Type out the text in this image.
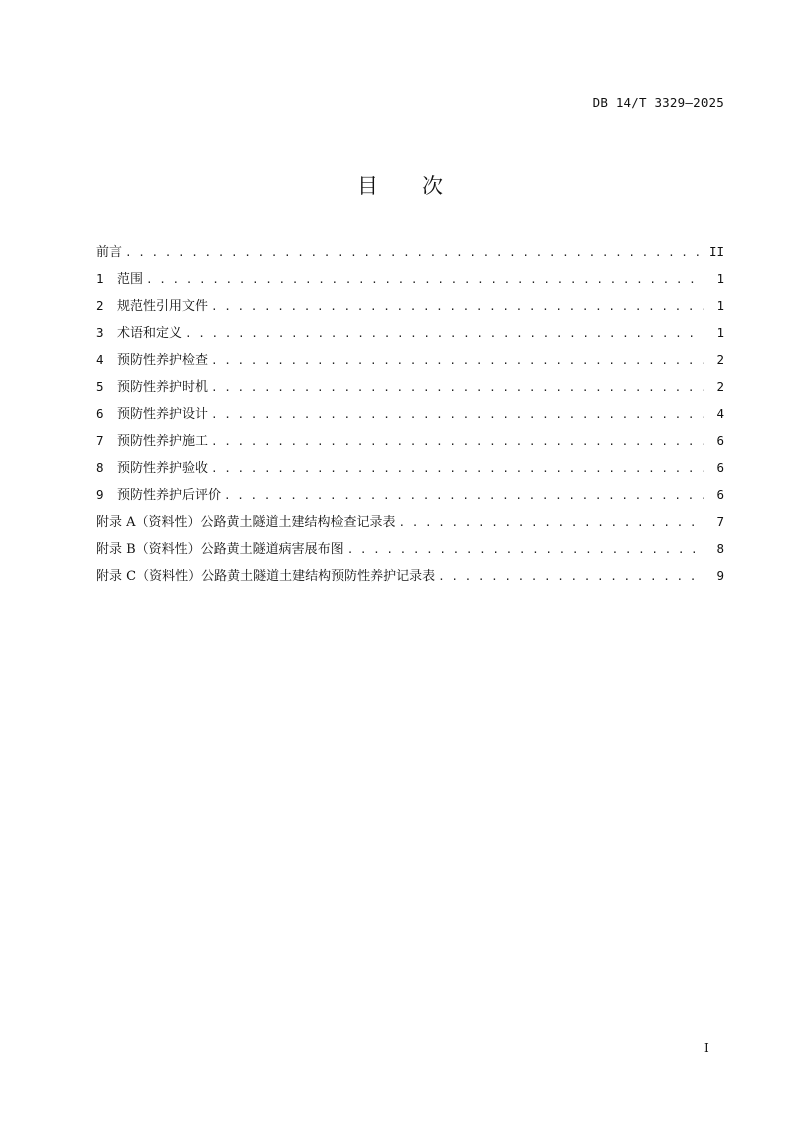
DB 14/T 3329—2025
目次
前言 . . .	II
1	范围 . . .	1
2	规范性引用文件 . . .	1
3	术语和定义 . . .	1
4	预防性养护检查 . . .	2
5	预防性养护时机 . . .	2
6	预防性养护设计 . . .	4
7	预防性养护施工 . . .	6
8	预防性养护验收 . . .	6
9	预防性养护后评价 . . .	6
附录 A（资料性）公路黄土隧道土建结构检查记录表 . . .	7
附录 B（资料性）公路黄土隧道病害展布图 . . .	8
附录 C（资料性）公路黄土隧道土建结构预防性养护记录表 . . .	9
I
